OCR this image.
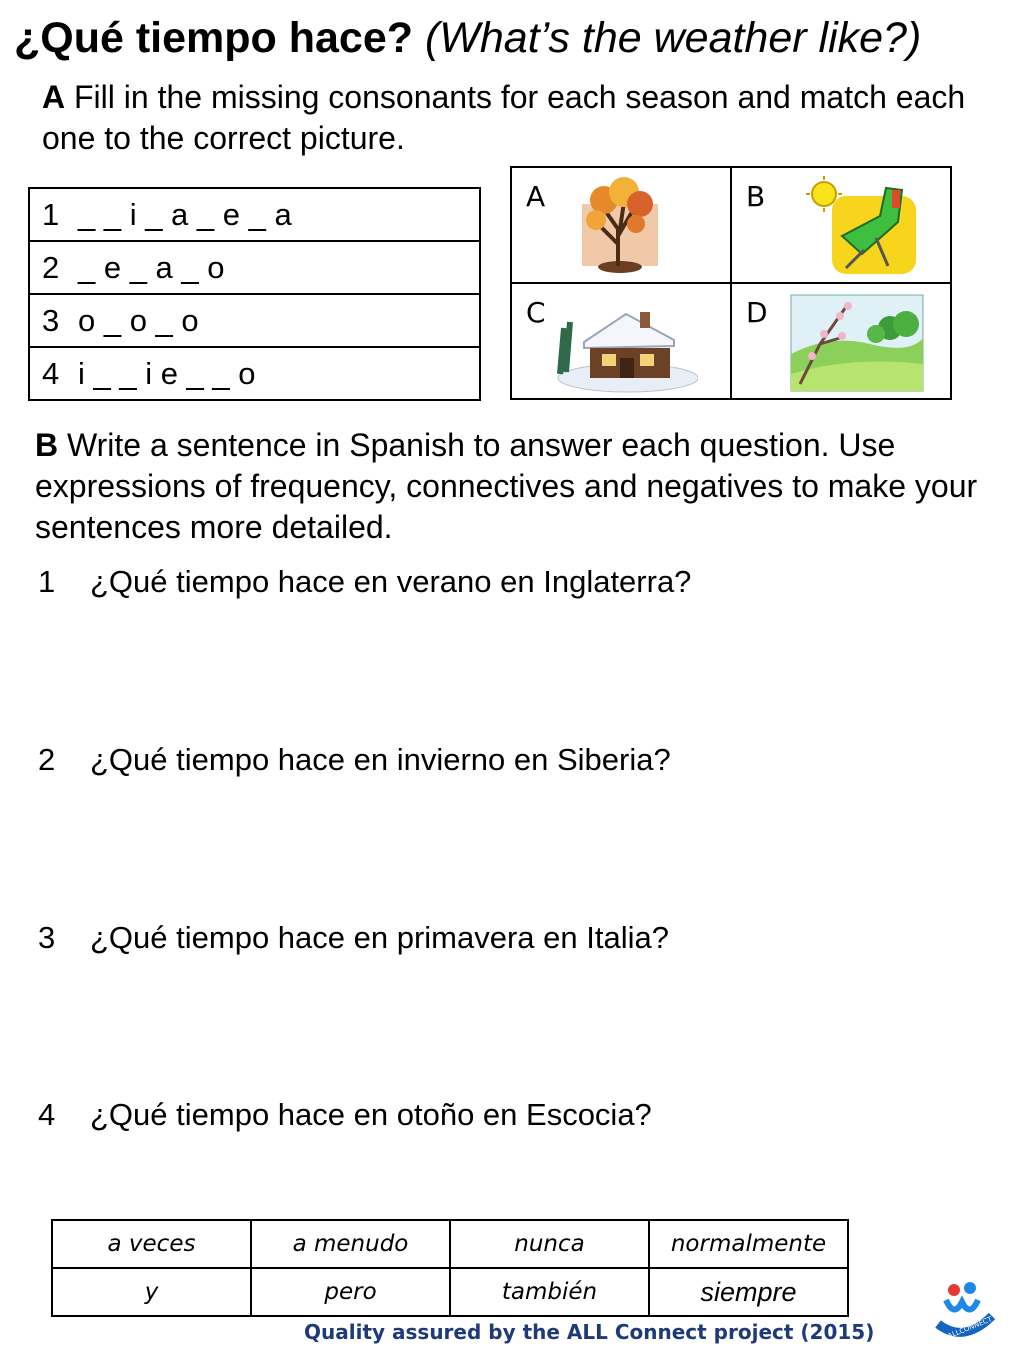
¿Qué tiempo hace? (What’s the weather like?)
A Fill in the missing consonants for each season and match each one to the correct picture.
1 _ _ i _ a _ e _ a
2 _ e _ a _ o
3 o _ o _ o
4 i _ _ i e _ _ o
A	B

C	D
B Write a sentence in Spanish to answer each question. Use expressions of frequency, connectives and negatives to make your sentences more detailed.
1 ¿Qué tiempo hace en verano en Inglaterra?
2 ¿Qué tiempo hace en invierno en Siberia?
3 ¿Qué tiempo hace en primavera en Italia?
4 ¿Qué tiempo hace en otoño en Escocia?
a veces	a menudo	nunca	normalmente
y	pero	también	siempre
Quality assured by the ALL Connect project (2015)	ALLCONNECT
